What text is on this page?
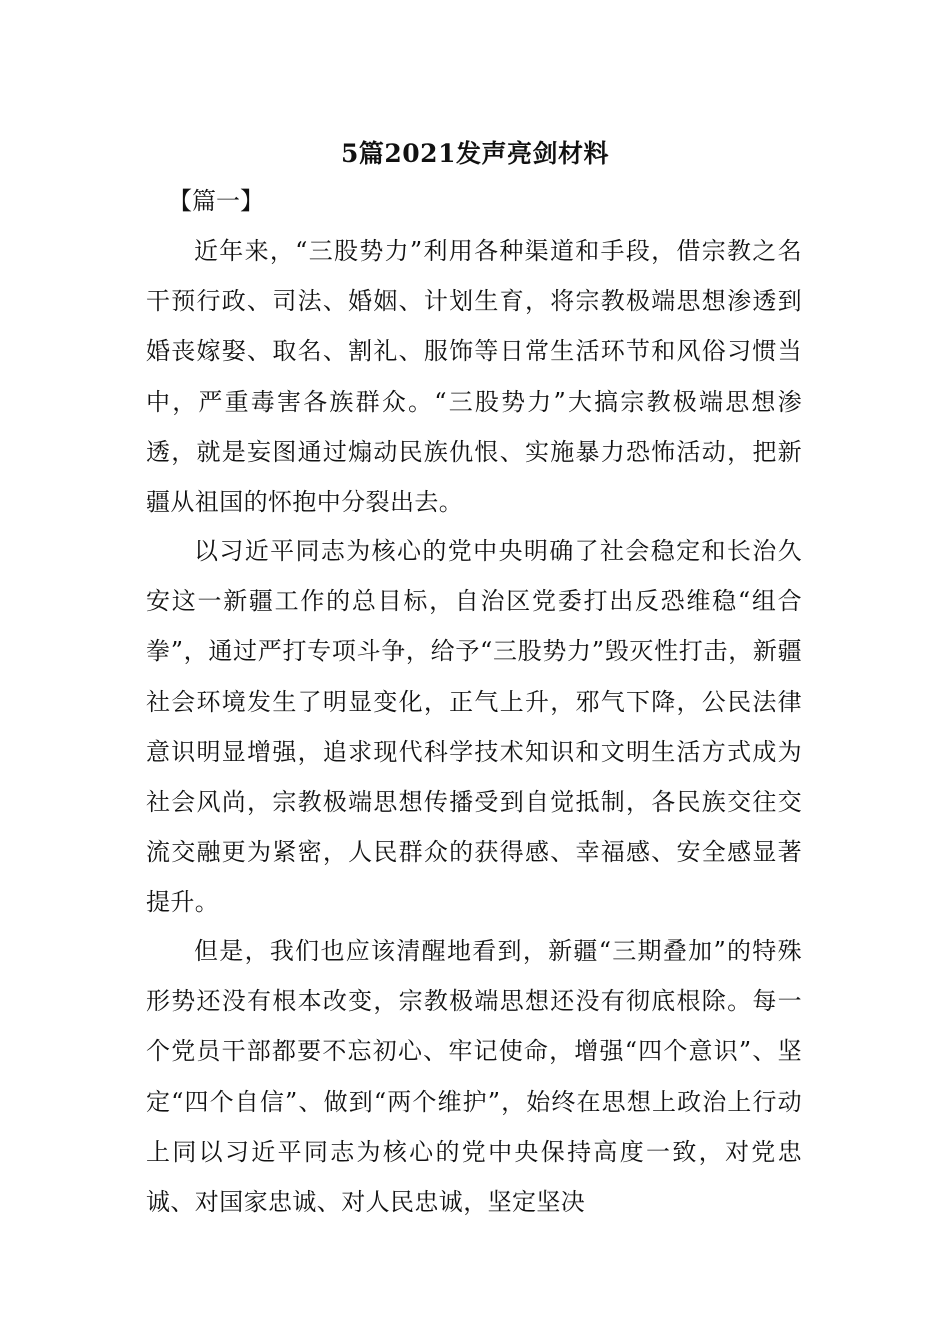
5篇2021发声亮剑材料
【篇一】

近年来，“三股势力”利用各种渠道和手段，借宗教之名干预行政、司法、婚姻、计划生育，将宗教极端思想渗透到婚丧嫁娶、取名、割礼、服饰等日常生活环节和风俗习惯当中，严重毒害各族群众。“三股势力”大搞宗教极端思想渗透，就是妄图通过煽动民族仇恨、实施暴力恐怖活动，把新疆从祖国的怀抱中分裂出去。

以习近平同志为核心的党中央明确了社会稳定和长治久安这一新疆工作的总目标，自治区党委打出反恐维稳“组合拳”，通过严打专项斗争，给予“三股势力”毁灭性打击，新疆社会环境发生了明显变化，正气上升，邪气下降，公民法律意识明显增强，追求现代科学技术知识和文明生活方式成为社会风尚，宗教极端思想传播受到自觉抵制，各民族交往交流交融更为紧密，人民群众的获得感、幸福感、安全感显著提升。

但是，我们也应该清醒地看到，新疆“三期叠加”的特殊形势还没有根本改变，宗教极端思想还没有彻底根除。每一个党员干部都要不忘初心、牢记使命，增强“四个意识”、坚定“四个自信”、做到“两个维护”，始终在思想上政治上行动上同以习近平同志为核心的党中央保持高度一致，对党忠诚、对国家忠诚、对人民忠诚，坚定坚决
